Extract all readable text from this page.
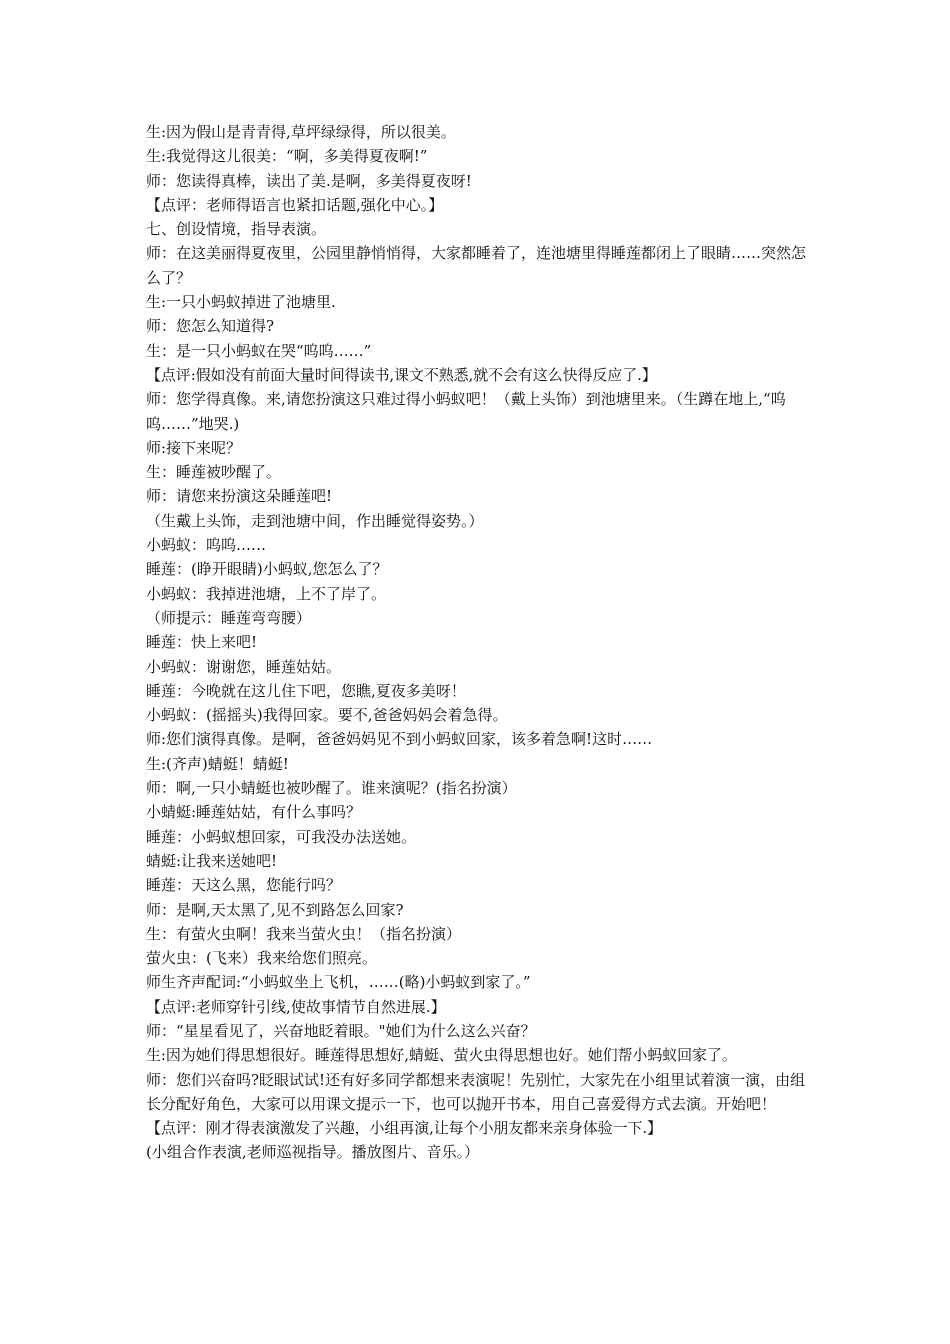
生:因为假山是青青得,草坪绿绿得，所以很美。

生:我觉得这儿很美：“啊，多美得夏夜啊!”

师：您读得真棒，读出了美.是啊，多美得夏夜呀!

【点评：老师得语言也紧扣话题,强化中心。】

七、创设情境，指导表演。

师：在这美丽得夏夜里，公园里静悄悄得，大家都睡着了，连池塘里得睡莲都闭上了眼睛……突然怎么了？

生:一只小蚂蚁掉进了池塘里.

师：您怎么知道得?

生：是一只小蚂蚁在哭“呜呜……”

【点评:假如没有前面大量时间得读书,课文不熟悉,就不会有这么快得反应了.】

师：您学得真像。来,请您扮演这只难过得小蚂蚁吧！（戴上头饰）到池塘里来。（生蹲在地上,“呜呜……”地哭.)

师:接下来呢？

生：睡莲被吵醒了。

师：请您来扮演这朵睡莲吧!

（生戴上头饰，走到池塘中间，作出睡觉得姿势。）

小蚂蚁：呜呜……

睡莲：(睁开眼睛)小蚂蚁,您怎么了？

小蚂蚁：我掉进池塘，上不了岸了。

（师提示：睡莲弯弯腰）

睡莲：快上来吧!

小蚂蚁：谢谢您，睡莲姑姑。

睡莲：今晚就在这儿住下吧，您瞧,夏夜多美呀！

小蚂蚁：(摇摇头)我得回家。要不,爸爸妈妈会着急得。

师:您们演得真像。是啊，爸爸妈妈见不到小蚂蚁回家，该多着急啊!这时……

生:(齐声)蜻蜓！蜻蜓!

师：啊,一只小蜻蜓也被吵醒了。谁来演呢？(指名扮演）

小蜻蜓:睡莲姑姑，有什么事吗？

睡莲：小蚂蚁想回家，可我没办法送她。

蜻蜓:让我来送她吧!

睡莲：天这么黑，您能行吗？

师：是啊,天太黑了,见不到路怎么回家?

生：有萤火虫啊！我来当萤火虫！（指名扮演）

萤火虫：(飞来）我来给您们照亮。

师生齐声配词:“小蚂蚁坐上飞机，……(略)小蚂蚁到家了。”

【点评:老师穿针引线,使故事情节自然进展.】

师：“星星看见了，兴奋地眨着眼。"她们为什么这么兴奋？

生:因为她们得思想很好。睡莲得思想好,蜻蜓、萤火虫得思想也好。她们帮小蚂蚁回家了。

师：您们兴奋吗?眨眼试试!还有好多同学都想来表演呢！先别忙，大家先在小组里试着演一演，由组长分配好角色，大家可以用课文提示一下，也可以抛开书本，用自己喜爱得方式去演。开始吧！

【点评：刚才得表演激发了兴趣，小组再演,让每个小朋友都来亲身体验一下.】

(小组合作表演,老师巡视指导。播放图片、音乐。）
